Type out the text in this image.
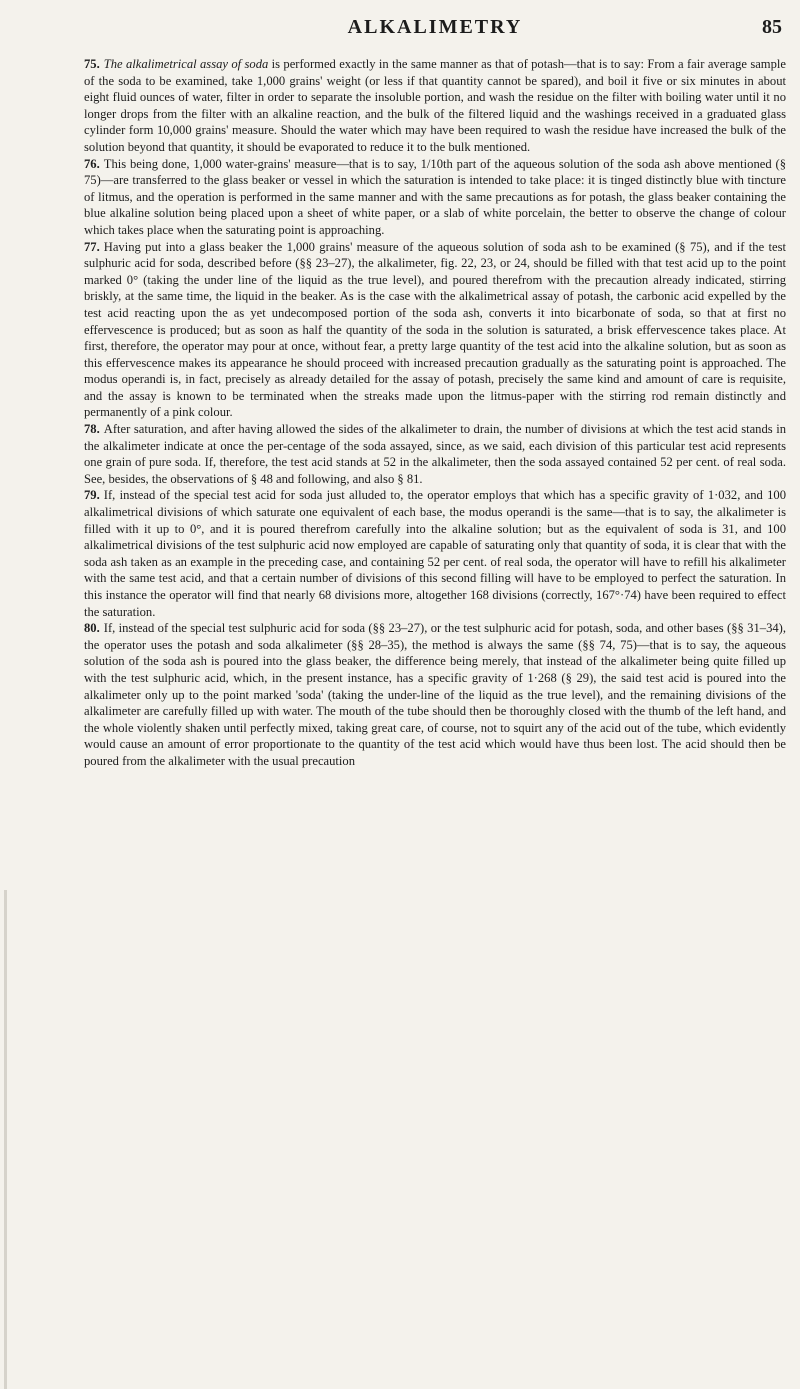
ALKALIMETRY	85

75. The alkalimetrical assay of soda is performed exactly in the same manner as that of potash—that is to say: From a fair average sample of the soda to be examined, take 1,000 grains' weight (or less if that quantity cannot be spared), and boil it five or six minutes in about eight fluid ounces of water, filter in order to separate the insoluble portion, and wash the residue on the filter with boiling water until it no longer drops from the filter with an alkaline reaction, and the bulk of the filtered liquid and the washings received in a graduated glass cylinder form 10,000 grains' measure. Should the water which may have been required to wash the residue have increased the bulk of the solution beyond that quantity, it should be evaporated to reduce it to the bulk mentioned.

76. This being done, 1,000 water-grains' measure—that is to say, 1/10th part of the aqueous solution of the soda ash above mentioned (§ 75)—are transferred to the glass beaker or vessel in which the saturation is intended to take place: it is tinged distinctly blue with tincture of litmus, and the operation is performed in the same manner and with the same precautions as for potash, the glass beaker containing the blue alkaline solution being placed upon a sheet of white paper, or a slab of white porcelain, the better to observe the change of colour which takes place when the saturating point is approaching.

77. Having put into a glass beaker the 1,000 grains' measure of the aqueous solution of soda ash to be examined (§ 75), and if the test sulphuric acid for soda, described before (§§ 23–27), the alkalimeter, fig. 22, 23, or 24, should be filled with that test acid up to the point marked 0° (taking the under line of the liquid as the true level), and poured therefrom with the precaution already indicated, stirring briskly, at the same time, the liquid in the beaker. As is the case with the alkalimetrical assay of potash, the carbonic acid expelled by the test acid reacting upon the as yet undecomposed portion of the soda ash, converts it into bicarbonate of soda, so that at first no effervescence is produced; but as soon as half the quantity of the soda in the solution is saturated, a brisk effervescence takes place. At first, therefore, the operator may pour at once, without fear, a pretty large quantity of the test acid into the alkaline solution, but as soon as this effervescence makes its appearance he should proceed with increased precaution gradually as the saturating point is approached. The modus operandi is, in fact, precisely as already detailed for the assay of potash, precisely the same kind and amount of care is requisite, and the assay is known to be terminated when the streaks made upon the litmus-paper with the stirring rod remain distinctly and permanently of a pink colour.

78. After saturation, and after having allowed the sides of the alkalimeter to drain, the number of divisions at which the test acid stands in the alkalimeter indicate at once the per-centage of the soda assayed, since, as we said, each division of this particular test acid represents one grain of pure soda. If, therefore, the test acid stands at 52 in the alkalimeter, then the soda assayed contained 52 per cent. of real soda. See, besides, the observations of § 48 and following, and also § 81.

79. If, instead of the special test acid for soda just alluded to, the operator employs that which has a specific gravity of 1·032, and 100 alkalimetrical divisions of which saturate one equivalent of each base, the modus operandi is the same—that is to say, the alkalimeter is filled with it up to 0°, and it is poured therefrom carefully into the alkaline solution; but as the equivalent of soda is 31, and 100 alkalimetrical divisions of the test sulphuric acid now employed are capable of saturating only that quantity of soda, it is clear that with the soda ash taken as an example in the preceding case, and containing 52 per cent. of real soda, the operator will have to refill his alkalimeter with the same test acid, and that a certain number of divisions of this second filling will have to be employed to perfect the saturation. In this instance the operator will find that nearly 68 divisions more, altogether 168 divisions (correctly, 167°·74) have been required to effect the saturation.

80. If, instead of the special test sulphuric acid for soda (§§ 23–27), or the test sulphuric acid for potash, soda, and other bases (§§ 31–34), the operator uses the potash and soda alkalimeter (§§ 28–35), the method is always the same (§§ 74, 75)—that is to say, the aqueous solution of the soda ash is poured into the glass beaker, the difference being merely, that instead of the alkalimeter being quite filled up with the test sulphuric acid, which, in the present instance, has a specific gravity of 1·268 (§ 29), the said test acid is poured into the alkalimeter only up to the point marked 'soda' (taking the under-line of the liquid as the true level), and the remaining divisions of the alkalimeter are carefully filled up with water. The mouth of the tube should then be thoroughly closed with the thumb of the left hand, and the whole violently shaken until perfectly mixed, taking great care, of course, not to squirt any of the acid out of the tube, which evidently would cause an amount of error proportionate to the quantity of the test acid which would have thus been lost. The acid should then be poured from the alkalimeter with the usual precaution
